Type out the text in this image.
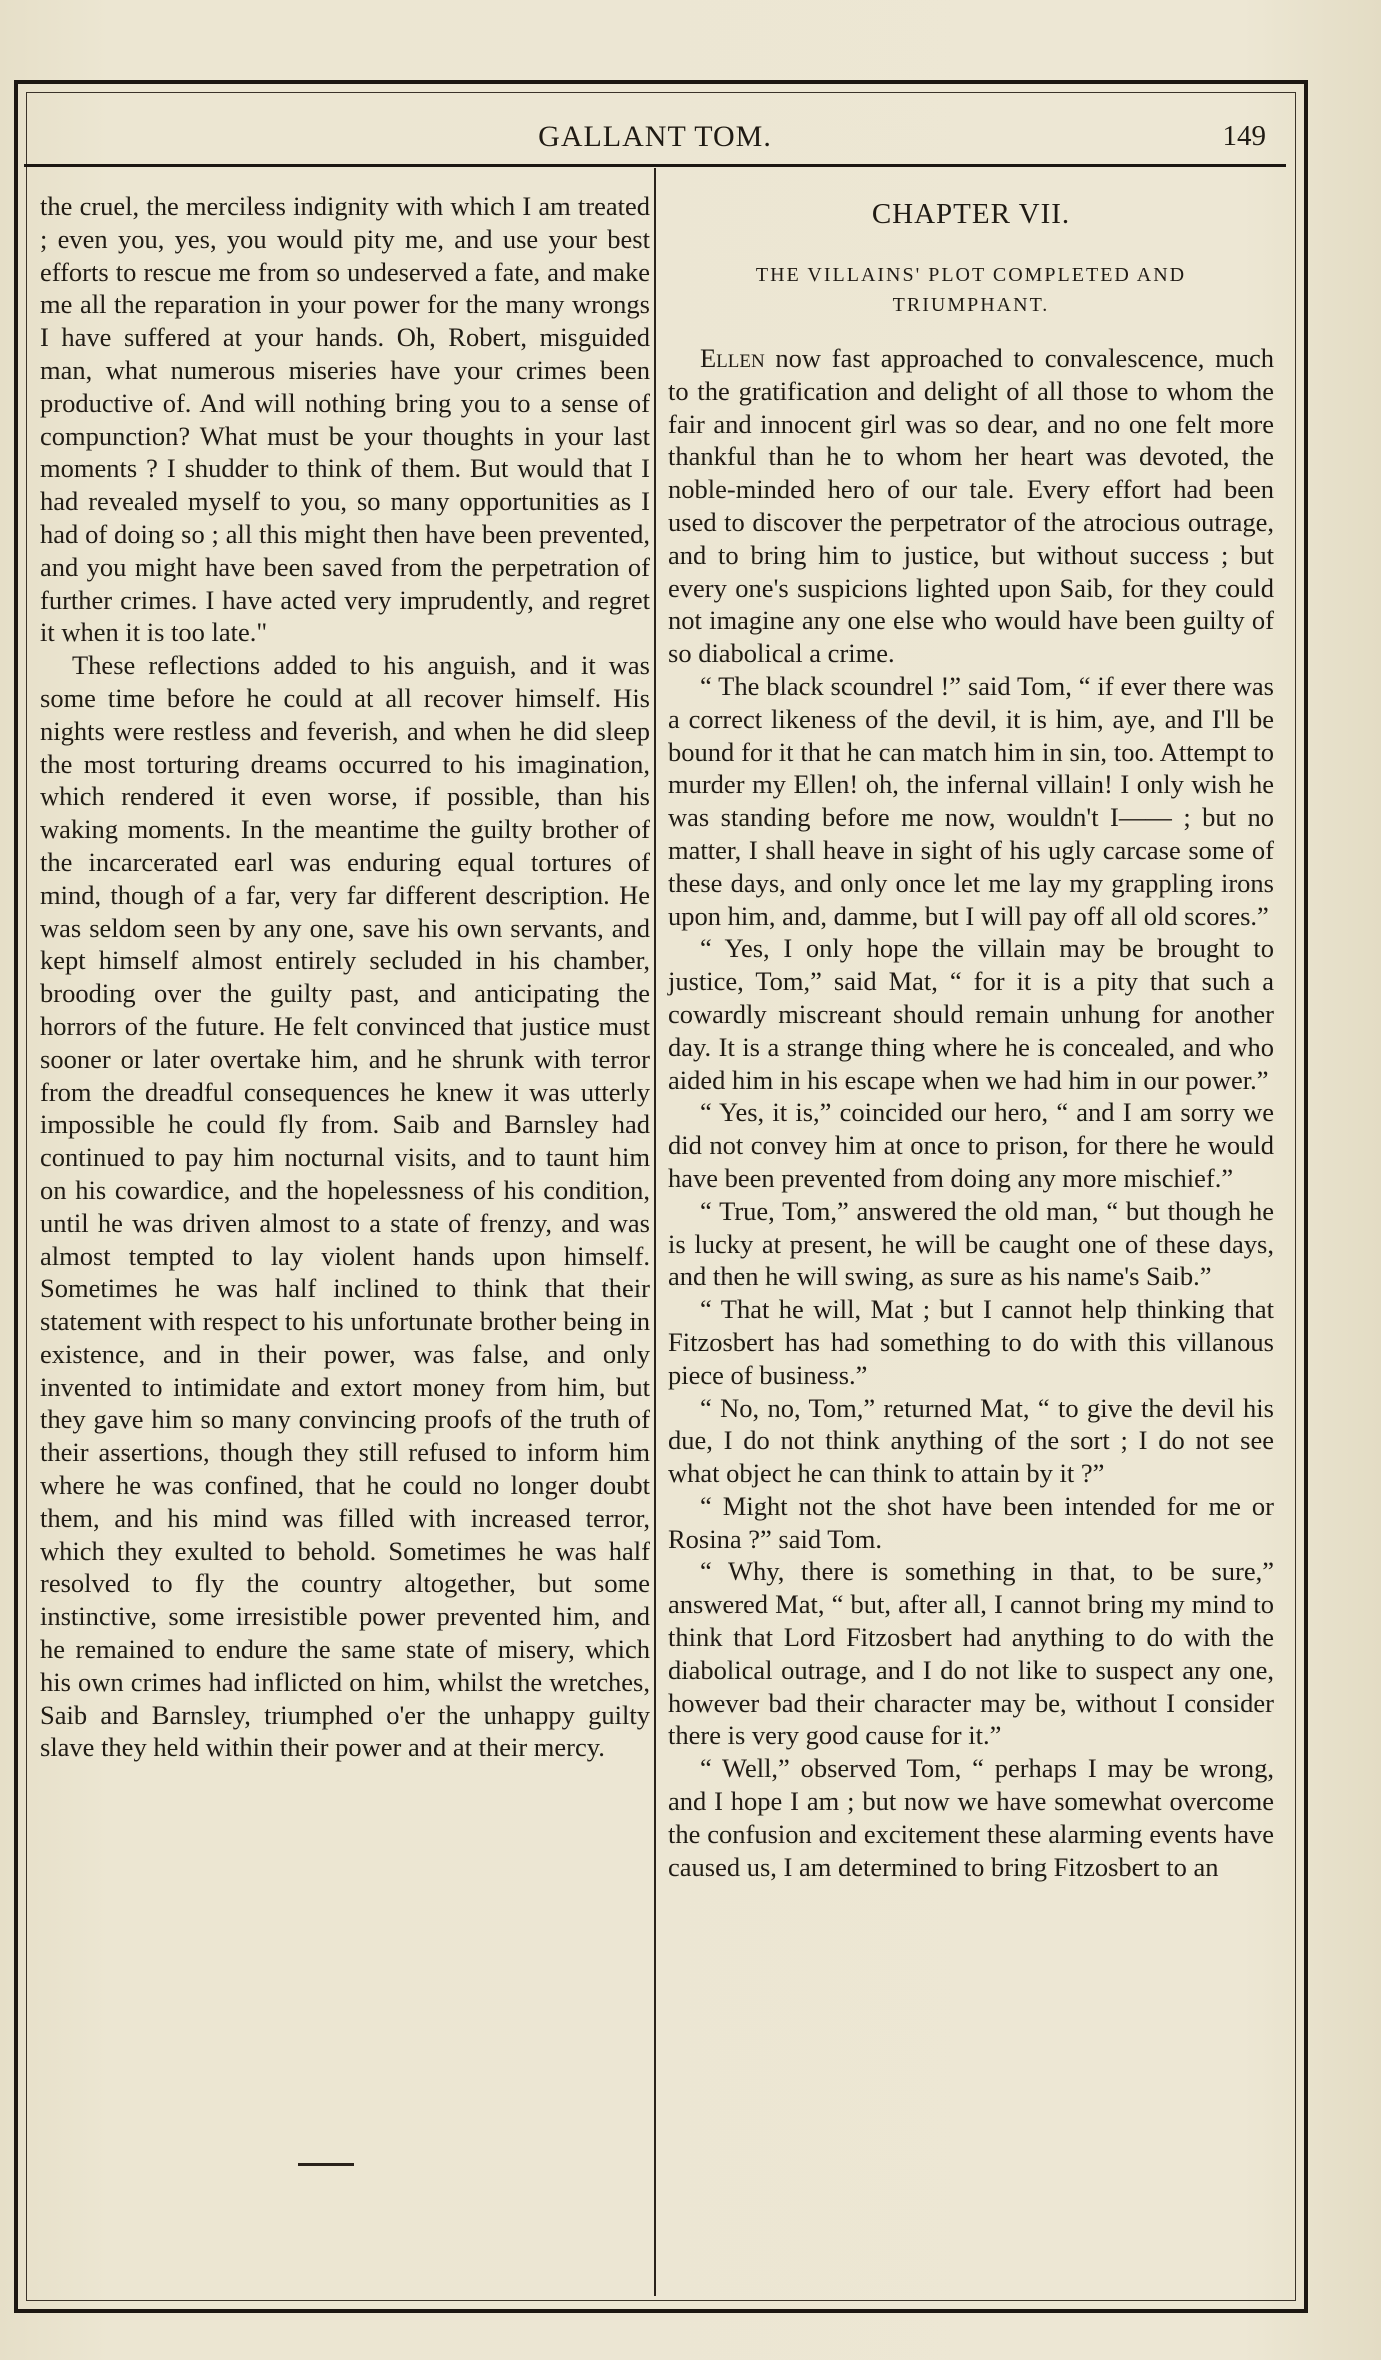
GALLANT TOM.	149

the cruel, the merciless indignity with which I am treated ; even you, yes, you would pity me, and use your best efforts to rescue me from so undeserved a fate, and make me all the reparation in your power for the many wrongs I have suffered at your hands. Oh, Robert, misguided man, what numerous miseries have your crimes been productive of. And will nothing bring you to a sense of compunction? What must be your thoughts in your last moments ? I shudder to think of them. But would that I had revealed myself to you, so many opportunities as I had of doing so ; all this might then have been prevented, and you might have been saved from the perpetration of further crimes. I have acted very imprudently, and regret it when it is too late."

These reflections added to his anguish, and it was some time before he could at all recover himself. His nights were restless and feverish, and when he did sleep the most torturing dreams occurred to his imagination, which rendered it even worse, if possible, than his waking moments. In the meantime the guilty brother of the incarcerated earl was enduring equal tortures of mind, though of a far, very far different description. He was seldom seen by any one, save his own servants, and kept himself almost entirely secluded in his chamber, brooding over the guilty past, and anticipating the horrors of the future. He felt convinced that justice must sooner or later overtake him, and he shrunk with terror from the dreadful consequences he knew it was utterly impossible he could fly from. Saib and Barnsley had continued to pay him nocturnal visits, and to taunt him on his cowardice, and the hopelessness of his condition, until he was driven almost to a state of frenzy, and was almost tempted to lay violent hands upon himself. Sometimes he was half inclined to think that their statement with respect to his unfortunate brother being in existence, and in their power, was false, and only invented to intimidate and extort money from him, but they gave him so many convincing proofs of the truth of their assertions, though they still refused to inform him where he was confined, that he could no longer doubt them, and his mind was filled with increased terror, which they exulted to behold. Sometimes he was half resolved to fly the country altogether, but some instinctive, some irresistible power prevented him, and he remained to endure the same state of misery, which his own crimes had inflicted on him, whilst the wretches, Saib and Barnsley, triumphed o'er the unhappy guilty slave they held within their power and at their mercy.

CHAPTER VII.
THE VILLAINS' PLOT COMPLETED AND TRIUMPHANT.

Ellen now fast approached to convalescence, much to the gratification and delight of all those to whom the fair and innocent girl was so dear, and no one felt more thankful than he to whom her heart was devoted, the noble-minded hero of our tale. Every effort had been used to discover the perpetrator of the atrocious outrage, and to bring him to justice, but without success ; but every one's suspicions lighted upon Saib, for they could not imagine any one else who would have been guilty of so diabolical a crime.

“ The black scoundrel !” said Tom, “ if ever there was a correct likeness of the devil, it is him, aye, and I'll be bound for it that he can match him in sin, too. Attempt to murder my Ellen! oh, the infernal villain! I only wish he was standing before me now, wouldn't I—— ; but no matter, I shall heave in sight of his ugly carcase some of these days, and only once let me lay my grappling irons upon him, and, damme, but I will pay off all old scores.”

“ Yes, I only hope the villain may be brought to justice, Tom,” said Mat, “ for it is a pity that such a cowardly miscreant should remain unhung for another day. It is a strange thing where he is concealed, and who aided him in his escape when we had him in our power.”

“ Yes, it is,” coincided our hero, “ and I am sorry we did not convey him at once to prison, for there he would have been prevented from doing any more mischief.”

“ True, Tom,” answered the old man, “ but though he is lucky at present, he will be caught one of these days, and then he will swing, as sure as his name's Saib.”

“ That he will, Mat ; but I cannot help thinking that Fitzosbert has had something to do with this villanous piece of business.”

“ No, no, Tom,” returned Mat, “ to give the devil his due, I do not think anything of the sort ; I do not see what object he can think to attain by it ?”

“ Might not the shot have been intended for me or Rosina ?” said Tom.

“ Why, there is something in that, to be sure,” answered Mat, “ but, after all, I cannot bring my mind to think that Lord Fitzosbert had anything to do with the diabolical outrage, and I do not like to suspect any one, however bad their character may be, without I consider there is very good cause for it.”

“ Well,” observed Tom, “ perhaps I may be wrong, and I hope I am ; but now we have somewhat overcome the confusion and excitement these alarming events have caused us, I am determined to bring Fitzosbert to an
